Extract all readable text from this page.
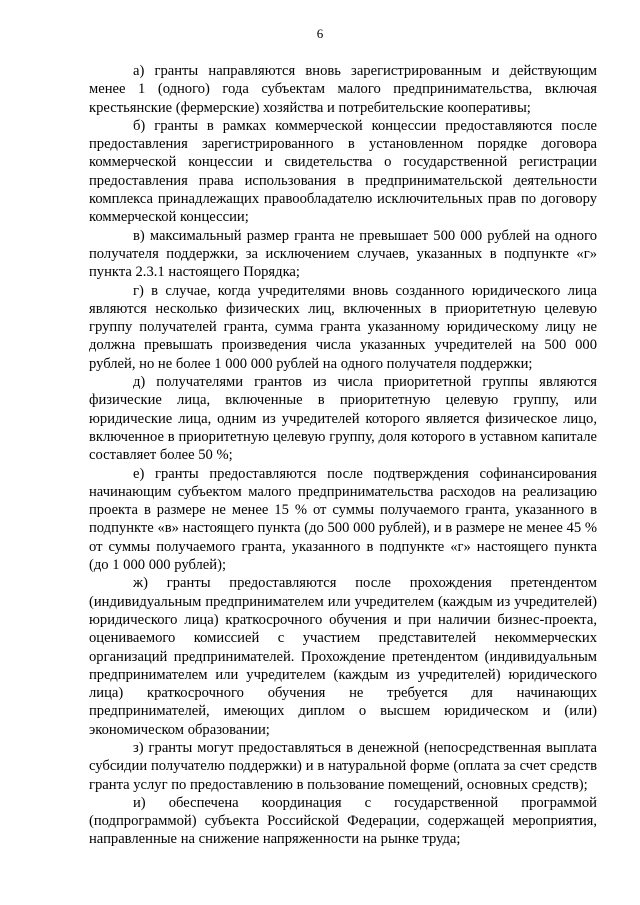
6

а) гранты направляются вновь зарегистрированным и действующим менее 1 (одного) года субъектам малого предпринимательства, включая крестьянские (фермерские) хозяйства и потребительские кооперативы;

б) гранты в рамках коммерческой концессии предоставляются после предоставления зарегистрированного в установленном порядке договора коммерческой концессии и свидетельства о государственной регистрации предоставления права использования в предпринимательской деятельности комплекса принадлежащих правообладателю исключительных прав по договору коммерческой концессии;

в) максимальный размер гранта не превышает 500 000 рублей на одного получателя поддержки, за исключением случаев, указанных в подпункте «г» пункта 2.3.1 настоящего Порядка;

г) в случае, когда учредителями вновь созданного юридического лица являются несколько физических лиц, включенных в приоритетную целевую группу получателей гранта, сумма гранта указанному юридическому лицу не должна превышать произведения числа указанных учредителей на 500 000 рублей, но не более 1 000 000 рублей на одного получателя поддержки;

д) получателями грантов из числа приоритетной группы являются физические лица, включенные в приоритетную целевую группу, или юридические лица, одним из учредителей которого является физическое лицо, включенное в приоритетную целевую группу, доля которого в уставном капитале составляет более 50 %;

е) гранты предоставляются после подтверждения софинансирования начинающим субъектом малого предпринимательства расходов на реализацию проекта в размере не менее 15 % от суммы получаемого гранта, указанного в подпункте «в» настоящего пункта (до 500 000 рублей), и в размере не менее 45 % от суммы получаемого гранта, указанного в подпункте «г» настоящего пункта (до 1 000 000 рублей);

ж) гранты предоставляются после прохождения претендентом (индивидуальным предпринимателем или учредителем (каждым из учредителей) юридического лица) краткосрочного обучения и при наличии бизнес-проекта, оцениваемого комиссией с участием представителей некоммерческих организаций предпринимателей. Прохождение претендентом (индивидуальным предпринимателем или учредителем (каждым из учредителей) юридического лица) краткосрочного обучения не требуется для начинающих предпринимателей, имеющих диплом о высшем юридическом и (или) экономическом образовании;

з) гранты могут предоставляться в денежной (непосредственная выплата субсидии получателю поддержки) и в натуральной форме (оплата за счет средств гранта услуг по предоставлению в пользование помещений, основных средств);

и) обеспечена координация с государственной программой (подпрограммой) субъекта Российской Федерации, содержащей мероприятия, направленные на снижение напряженности на рынке труда;
